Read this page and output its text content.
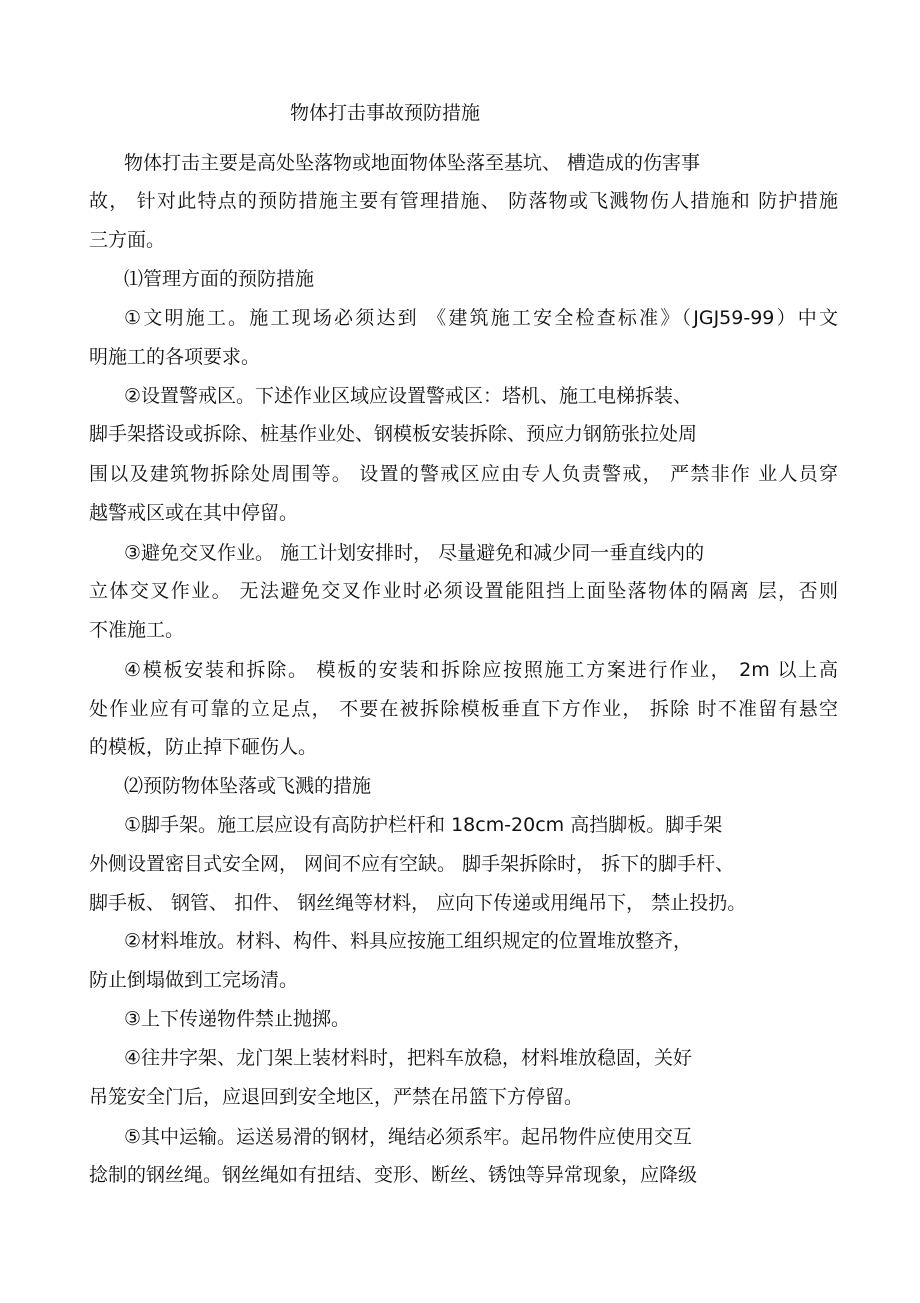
物体打击事故预防措施
物体打击主要是高处坠落物或地面物体坠落至基坑、 槽造成的伤害事
故， 针对此特点的预防措施主要有管理措施、 防落物或飞溅物伤人措施和 防护措施
三方面。
⑴管理方面的预防措施
①文明施工。施工现场必须达到 《建筑施工安全检查标准》（JGJ59-99）中文
明施工的各项要求。
②设置警戒区。下述作业区域应设置警戒区：塔机、施工电梯拆装、
脚手架搭设或拆除、桩基作业处、钢模板安装拆除、预应力钢筋张拉处周
围以及建筑物拆除处周围等。 设置的警戒区应由专人负责警戒， 严禁非作 业人员穿
越警戒区或在其中停留。
③避免交叉作业。 施工计划安排时， 尽量避免和减少同一垂直线内的
立体交叉作业。 无法避免交叉作业时必须设置能阻挡上面坠落物体的隔离 层，否则
不准施工。
④模板安装和拆除。 模板的安装和拆除应按照施工方案进行作业， 2m 以上高
处作业应有可靠的立足点， 不要在被拆除模板垂直下方作业， 拆除 时不准留有悬空
的模板，防止掉下砸伤人。
⑵预防物体坠落或飞溅的措施
①脚手架。施工层应设有高防护栏杆和 18cm-20cm 高挡脚板。脚手架
外侧设置密目式安全网， 网间不应有空缺。 脚手架拆除时， 拆下的脚手杆、
脚手板、 钢管、 扣件、 钢丝绳等材料， 应向下传递或用绳吊下， 禁止投扔。
②材料堆放。材料、构件、料具应按施工组织规定的位置堆放整齐，
防止倒塌做到工完场清。
③上下传递物件禁止抛掷。
④往井字架、龙门架上装材料时，把料车放稳，材料堆放稳固，关好
吊笼安全门后，应退回到安全地区，严禁在吊篮下方停留。
⑤其中运输。运送易滑的钢材，绳结必须系牢。起吊物件应使用交互
捻制的钢丝绳。钢丝绳如有扭结、变形、断丝、锈蚀等异常现象，应降级
